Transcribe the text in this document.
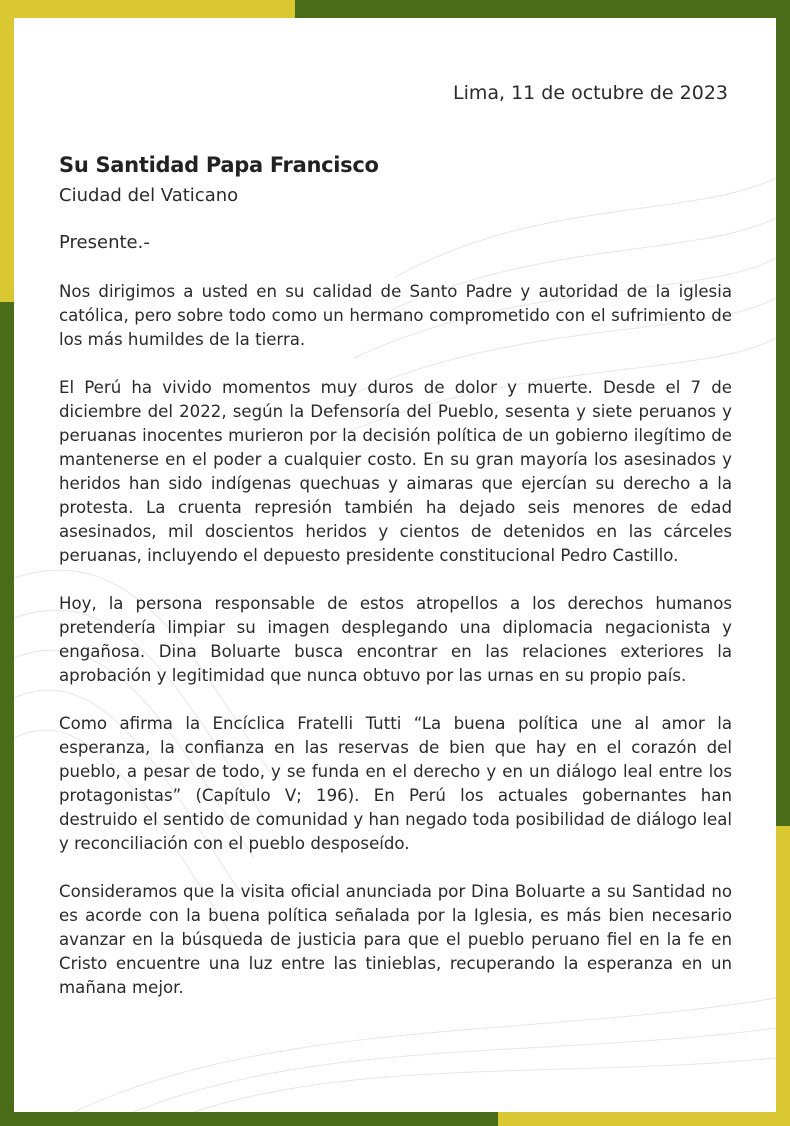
Lima, 11 de octubre de 2023
Su Santidad Papa Francisco
Ciudad del Vaticano
Presente.-

Nos dirigimos a usted en su calidad de Santo Padre y autoridad de la iglesia católica, pero sobre todo como un hermano comprometido con el sufrimiento de los más humildes de la tierra.

El Perú ha vivido momentos muy duros de dolor y muerte. Desde el 7 de diciembre del 2022, según la Defensoría del Pueblo, sesenta y siete peruanos y peruanas inocentes murieron por la decisión política de un gobierno ilegítimo de mantenerse en el poder a cualquier costo. En su gran mayoría los asesinados y heridos han sido indígenas quechuas y aimaras que ejercían su derecho a la protesta. La cruenta represión también ha dejado seis menores de edad asesinados, mil doscientos heridos y cientos de detenidos en las cárceles peruanas, incluyendo el depuesto presidente constitucional Pedro Castillo.

Hoy, la persona responsable de estos atropellos a los derechos humanos pretendería limpiar su imagen desplegando una diplomacia negacionista y engañosa. Dina Boluarte busca encontrar en las relaciones exteriores la aprobación y legitimidad que nunca obtuvo por las urnas en su propio país.

Como afirma la Encíclica Fratelli Tutti “La buena política une al amor la esperanza, la confianza en las reservas de bien que hay en el corazón del pueblo, a pesar de todo, y se funda en el derecho y en un diálogo leal entre los protagonistas” (Capítulo V; 196). En Perú los actuales gobernantes han destruido el sentido de comunidad y han negado toda posibilidad de diálogo leal y reconciliación con el pueblo desposeído.

Consideramos que la visita oficial anunciada por Dina Boluarte a su Santidad no es acorde con la buena política señalada por la Iglesia, es más bien necesario avanzar en la búsqueda de justicia para que el pueblo peruano fiel en la fe en Cristo encuentre una luz entre las tinieblas, recuperando la esperanza en un mañana mejor.
